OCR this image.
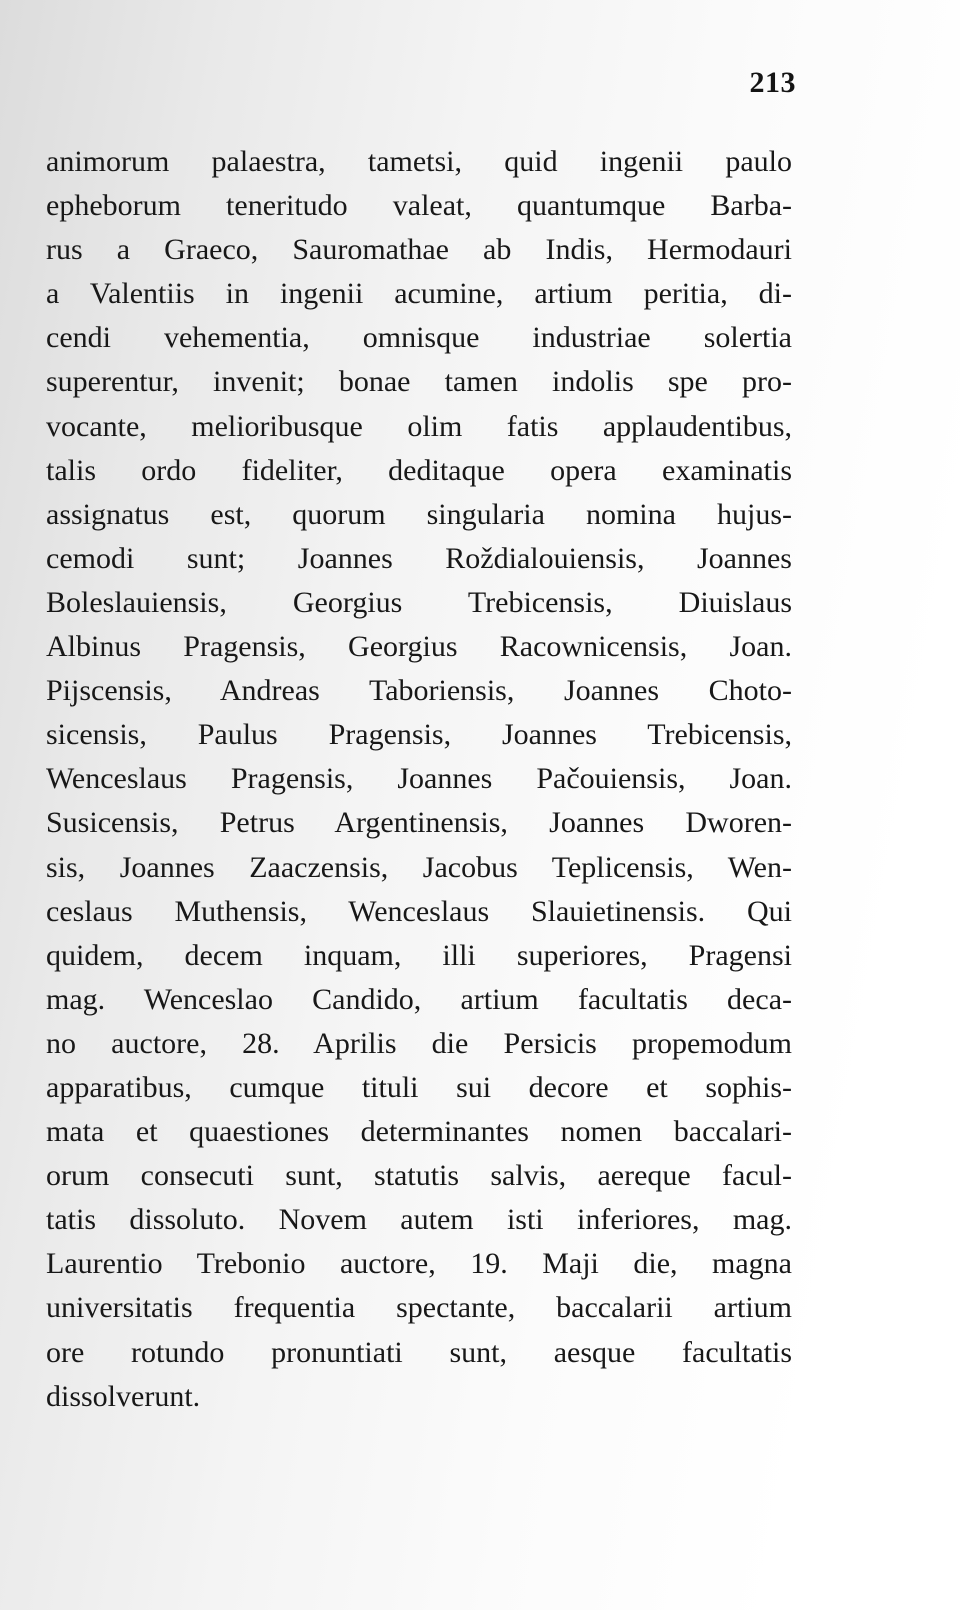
213
animorum palaestra, tametsi, quid ingenii paulo
epheborum teneritudo valeat, quantumque Barba-
rus a Graeco, Sauromathae ab Indis, Hermodauri
a Valentiis in ingenii acumine, artium peritia, di-
cendi vehementia, omnisque industriae solertia
superentur, invenit; bonae tamen indolis spe pro-
vocante, melioribusque olim fatis applaudentibus,
talis ordo fideliter, deditaque opera examinatis
assignatus est, quorum singularia nomina hujus-
cemodi sunt; Joannes Roždialouiensis, Joannes
Boleslauiensis, Georgius Trebicensis, Diuislaus
Albinus Pragensis, Georgius Racownicensis, Joan.
Pijscensis, Andreas Taboriensis, Joannes Choto-
sicensis, Paulus Pragensis, Joannes Trebicensis,
Wenceslaus Pragensis, Joannes Pačouiensis, Joan.
Susicensis, Petrus Argentinensis, Joannes Dworen-
sis, Joannes Zaaczensis, Jacobus Teplicensis, Wen-
ceslaus Muthensis, Wenceslaus Slauietinensis. Qui
quidem, decem inquam, illi superiores, Pragensi
mag. Wenceslao Candido, artium facultatis deca-
no auctore, 28. Aprilis die Persicis propemodum
apparatibus, cumque tituli sui decore et sophis-
mata et quaestiones determinantes nomen baccalari-
orum consecuti sunt, statutis salvis, aereque facul-
tatis dissoluto. Novem autem isti inferiores, mag.
Laurentio Trebonio auctore, 19. Maji die, magna
universitatis frequentia spectante, baccalarii artium
ore rotundo pronuntiati sunt, aesque facultatis
dissolverunt.
